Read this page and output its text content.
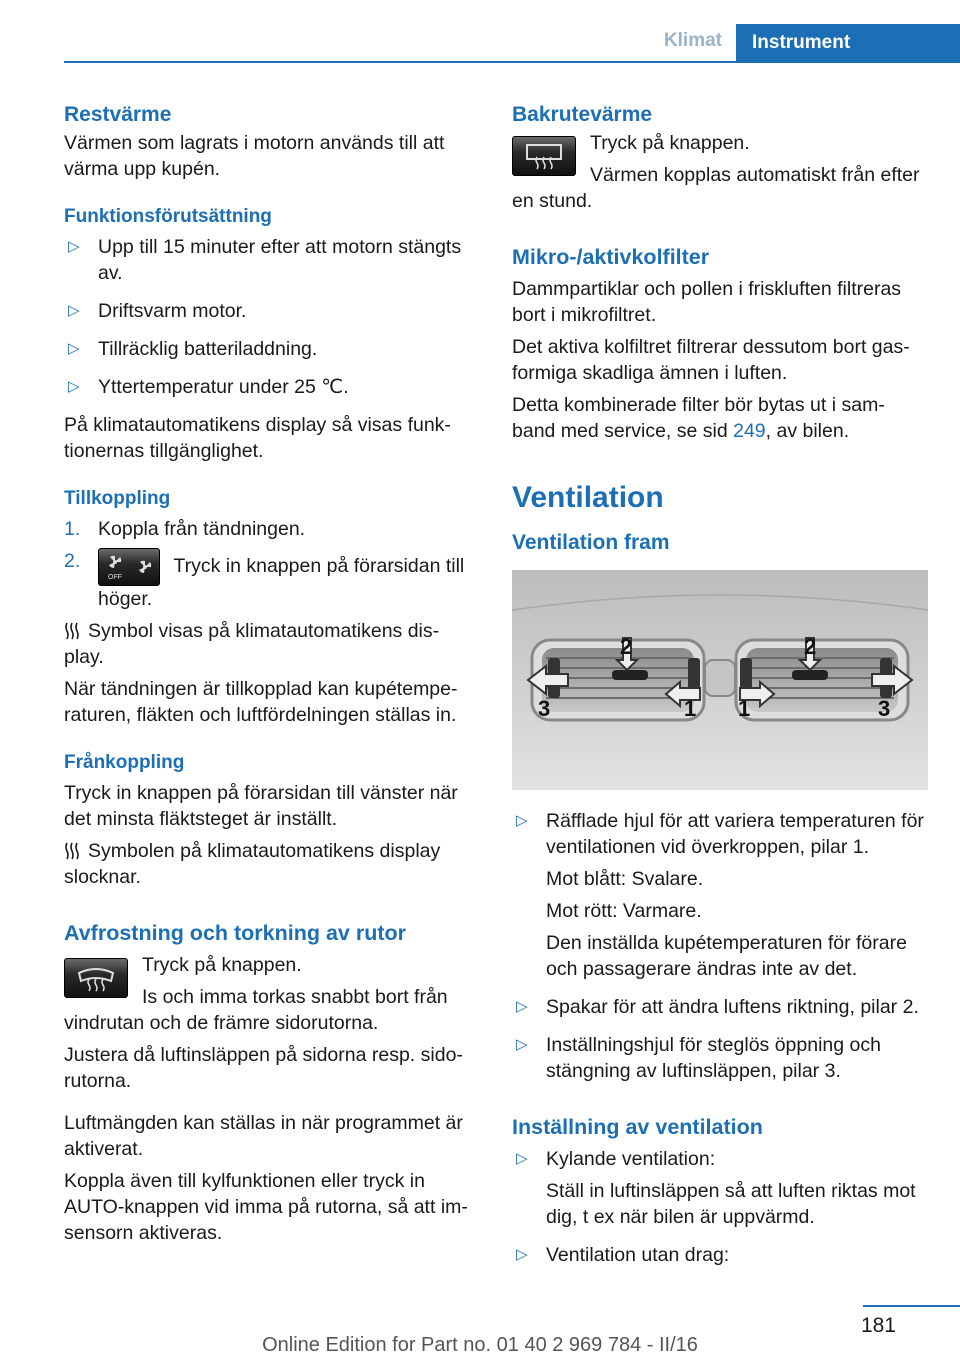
Klimat	Instrument
Restvärme

Värmen som lagrats i motorn används till att värma upp kupén.

Funktionsförutsättning
▷ Upp till 15 minuter efter att motorn stängts av.

▷ Driftsvarm motor.

▷ Tillräcklig batteriladdning.

▷ Yttertemperatur under 25 ℃.

På klimatautomatikens display så visas funk-tionernas tillgänglighet.

Tillkoppling
1. Koppla från tändningen.
2.
OFF
Tryck in knappen på förarsidan till höger.

Symbol visas på klimatautomatikens dis-play.

När tändningen är tillkopplad kan kupétempe-raturen, fläkten och luftfördelningen ställas in.

Frånkoppling

Tryck in knappen på förarsidan till vänster när det minsta fläktsteget är inställt.

Symbolen på klimatautomatikens display slocknar.

Avfrostning och torkning av rutor

Tryck på knappen.

Is och imma torkas snabbt bort från vindrutan och de främre sidorutorna.

Justera då luftinsläppen på sidorna resp. sido-rutorna.

Luftmängden kan ställas in när programmet är aktiverat.

Koppla även till kylfunktionen eller tryck in AUTO-knappen vid imma på rutorna, så att im-sensorn aktiveras.

Bakrutevärme

Tryck på knappen.

Värmen kopplas automatiskt från efter en stund.

Mikro-/aktivkolfilter

Dammpartiklar och pollen i friskluften filtreras bort i mikrofiltret.

Det aktiva kolfiltret filtrerar dessutom bort gas-formiga skadliga ämnen i luften.

Detta kombinerade filter bör bytas ut i sam-band med service, se sid 249, av bilen.

Ventilation
Ventilation fram
2	2
3	1 1	3
▷ Räfflade hjul för att variera temperaturen för ventilationen vid överkroppen, pilar 1.

Mot blått: Svalare.

Mot rött: Varmare.

Den inställda kupétemperaturen för förare och passagerare ändras inte av det.

▷ Spakar för att ändra luftens riktning, pilar 2.

▷ Inställningshjul för steglös öppning och stängning av luftinsläppen, pilar 3.

Inställning av ventilation
▷ Kylande ventilation:

Ställ in luftinsläppen så att luften riktas mot dig, t ex när bilen är uppvärmd.

▷ Ventilation utan drag:

181
Online Edition for Part no. 01 40 2 969 784 - II/16
